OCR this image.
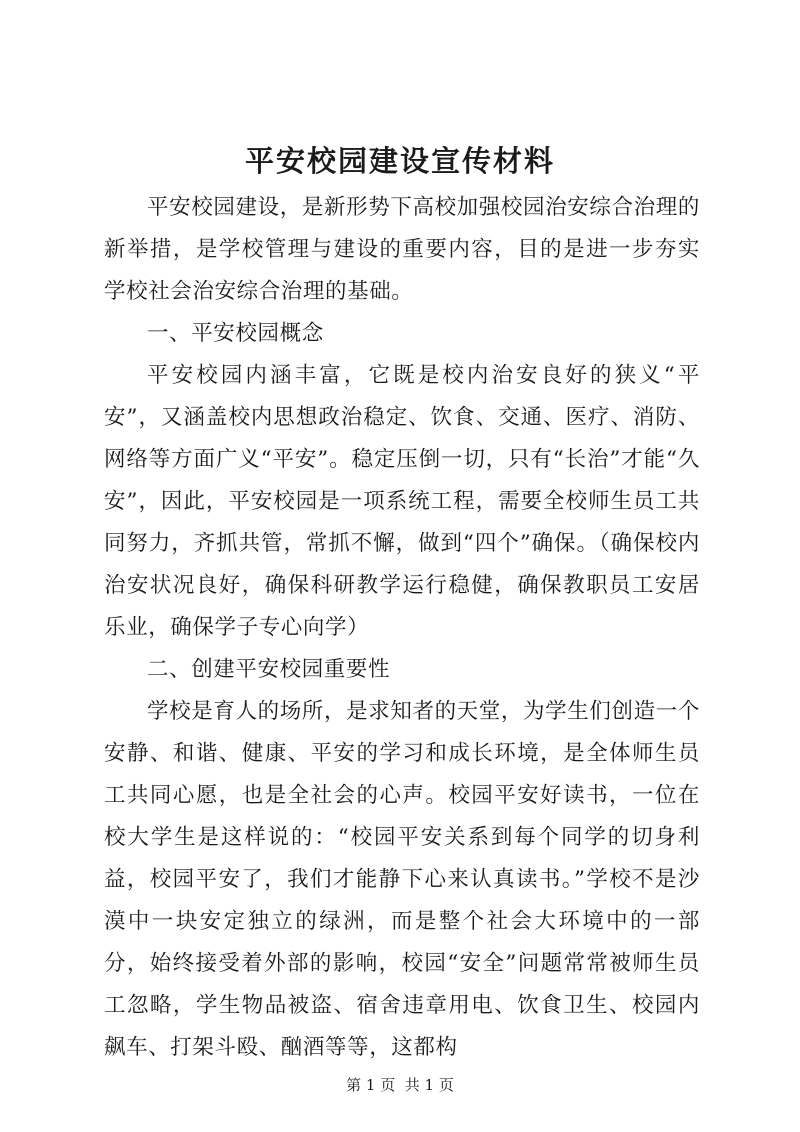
平安校园建设宣传材料

平安校园建设，是新形势下高校加强校园治安综合治理的新举措，是学校管理与建设的重要内容，目的是进一步夯实学校社会治安综合治理的基础。

一、平安校园概念

平安校园内涵丰富，它既是校内治安良好的狭义“平安”，又涵盖校内思想政治稳定、饮食、交通、医疗、消防、网络等方面广义“平安”。稳定压倒一切，只有“长治”才能“久安”，因此，平安校园是一项系统工程，需要全校师生员工共同努力，齐抓共管，常抓不懈，做到“四个”确保。（确保校内治安状况良好，确保科研教学运行稳健，确保教职员工安居乐业，确保学子专心向学）

二、创建平安校园重要性

学校是育人的场所，是求知者的天堂，为学生们创造一个安静、和谐、健康、平安的学习和成长环境，是全体师生员工共同心愿，也是全社会的心声。校园平安好读书，一位在校大学生是这样说的：“校园平安关系到每个同学的切身利益，校园平安了，我们才能静下心来认真读书。”学校不是沙漠中一块安定独立的绿洲，而是整个社会大环境中的一部分，始终接受着外部的影响，校园“安全”问题常常被师生员工忽略，学生物品被盗、宿舍违章用电、饮食卫生、校园内飙车、打架斗殴、酗酒等等，这都构

第 1 页 共 1 页
